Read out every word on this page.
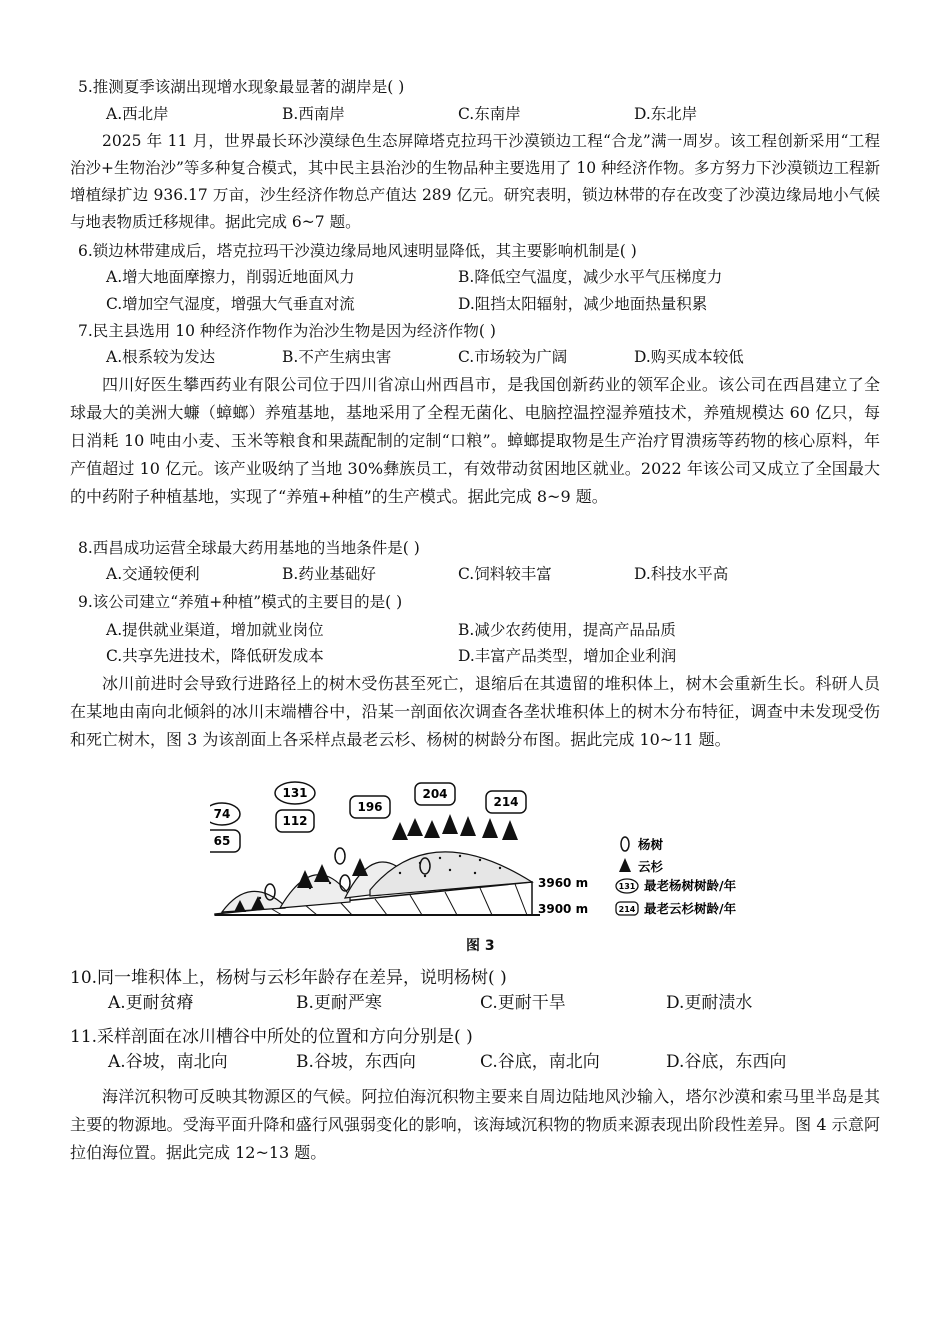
5.推测夏季该湖出现增水现象最显著的湖岸是( )
A.西北岸	B.西南岸	C.东南岸	D.东北岸
2025 年 11 月，世界最长环沙漠绿色生态屏障塔克拉玛干沙漠锁边工程“合龙”满一周岁。该工程创新采用“工程治沙+生物治沙”等多种复合模式，其中民主县治沙的生物品种主要选用了 10 种经济作物。多方努力下沙漠锁边工程新增植绿扩边 936.17 万亩，沙生经济作物总产值达 289 亿元。研究表明，锁边林带的存在改变了沙漠边缘局地小气候与地表物质迁移规律。据此完成 6~7 题。
6.锁边林带建成后，塔克拉玛干沙漠边缘局地风速明显降低，其主要影响机制是( )
A.增大地面摩擦力，削弱近地面风力	B.降低空气温度，减少水平气压梯度力
C.增加空气湿度，增强大气垂直对流	D.阻挡太阳辐射，减少地面热量积累
7.民主县选用 10 种经济作物作为治沙生物是因为经济作物( )
A.根系较为发达	B.不产生病虫害	C.市场较为广阔	D.购买成本较低
四川好医生攀西药业有限公司位于四川省凉山州西昌市，是我国创新药业的领军企业。该公司在西昌建立了全球最大的美洲大蠊（蟑螂）养殖基地，基地采用了全程无菌化、电脑控温控湿养殖技术，养殖规模达 60 亿只，每日消耗 10 吨由小麦、玉米等粮食和果蔬配制的定制“口粮”。蟑螂提取物是生产治疗胃溃疡等药物的核心原料，年产值超过 10 亿元。该产业吸纳了当地 30%彝族员工，有效带动贫困地区就业。2022 年该公司又成立了全国最大的中药附子种植基地，实现了“养殖+种植”的生产模式。据此完成 8~9 题。
8.西昌成功运营全球最大药用基地的当地条件是( )
A.交通较便利	B.药业基础好	C.饲料较丰富	D.科技水平高
9.该公司建立“养殖+种植”模式的主要目的是( )
A.提供就业渠道，增加就业岗位	B.减少农药使用，提高产品品质
C.共享先进技术，降低研发成本	D.丰富产品类型，增加企业利润
冰川前进时会导致行进路径上的树木受伤甚至死亡，退缩后在其遗留的堆积体上，树木会重新生长。科研人员在某地由南向北倾斜的冰川末端槽谷中，沿某一剖面依次调查各垄状堆积体上的树木分布特征，调查中未发现受伤和死亡树木，图 3 为该剖面上各采样点最老云杉、杨树的树龄分布图。据此完成 10~11 题。
74
65
131
112
196
204
214
3960 m
3900 m
杨树
云杉
131 最老杨树树龄/年
214 最老云杉树龄/年
图 3
10.同一堆积体上，杨树与云杉年龄存在差异，说明杨树( )
A.更耐贫瘠	B.更耐严寒	C.更耐干旱	D.更耐渍水
11.采样剖面在冰川槽谷中所处的位置和方向分别是( )
A.谷坡，南北向	B.谷坡，东西向	C.谷底，南北向	D.谷底，东西向
海洋沉积物可反映其物源区的气候。阿拉伯海沉积物主要来自周边陆地风沙输入，塔尔沙漠和索马里半岛是其主要的物源地。受海平面升降和盛行风强弱变化的影响，该海域沉积物的物质来源表现出阶段性差异。图 4 示意阿拉伯海位置。据此完成 12~13 题。
